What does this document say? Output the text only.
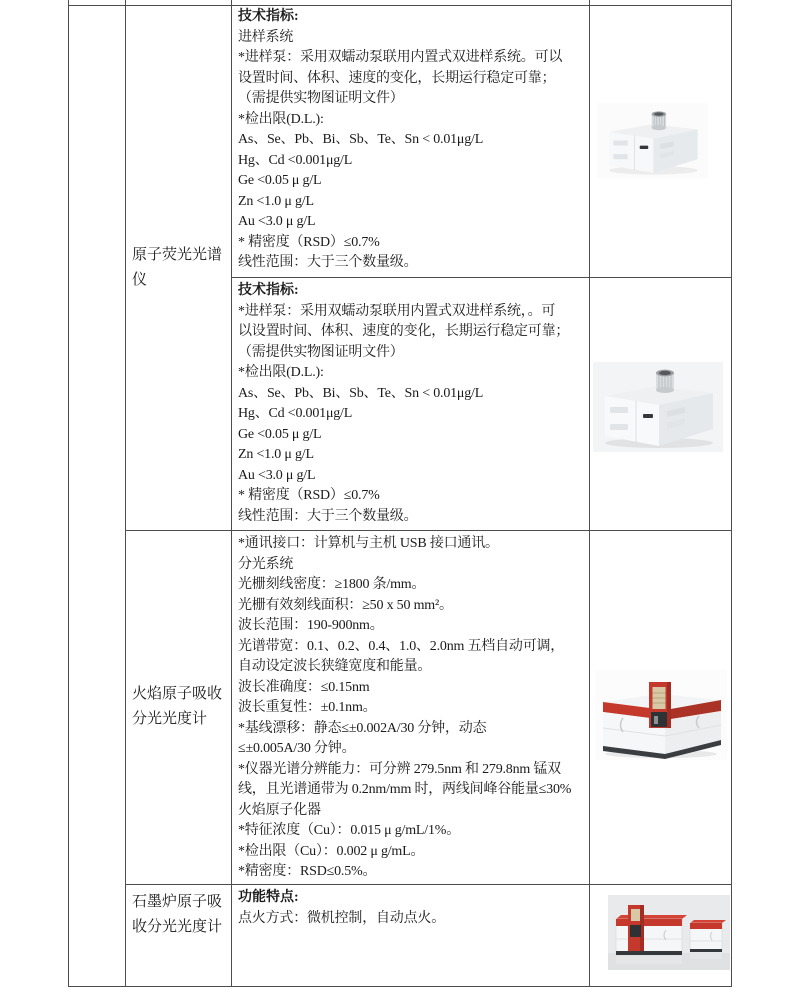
原子荧光光谱仪
火焰原子吸收分光光度计
石墨炉原子吸收分光光度计
技术指标:
进样系统
*进样泵：采用双蠕动泵联用内置式双进样系统。可以
设置时间、体积、速度的变化，长期运行稳定可靠；
（需提供实物图证明文件）
*检出限(D.L.):
As、Se、Pb、Bi、Sb、Te、Sn < 0.01μg/L
Hg、Cd <0.001μg/L
Ge <0.05 μ g/L
Zn <1.0 μ g/L
Au <3.0 μ g/L
* 精密度（RSD）≤0.7%
线性范围：大于三个数量级。
技术指标:
*进样泵：采用双蠕动泵联用内置式双进样系统，。可
以设置时间、体积、速度的变化，长期运行稳定可靠；
（需提供实物图证明文件）
*检出限(D.L.):
As、Se、Pb、Bi、Sb、Te、Sn < 0.01μg/L
Hg、Cd <0.001μg/L
Ge <0.05 μ g/L
Zn <1.0 μ g/L
Au <3.0 μ g/L
* 精密度（RSD）≤0.7%
线性范围：大于三个数量级。
*通讯接口：计算机与主机 USB 接口通讯。
分光系统
光栅刻线密度：≥1800 条/mm。
光栅有效刻线面积：≥50 x 50 mm²。
波长范围：190-900nm。
光谱带宽：0.1、0.2、0.4、1.0、2.0nm 五档自动可调，
自动设定波长狭缝宽度和能量。
波长准确度：≤0.15nm
波长重复性：±0.1nm。
*基线漂移：静态≤±0.002A/30 分钟，动态
≤±0.005A/30 分钟。
*仪器光谱分辨能力：可分辨 279.5nm 和 279.8nm 锰双
线，且光谱通带为 0.2nm/mm 时，两线间峰谷能量≤30%
火焰原子化器
*特征浓度（Cu）：0.015 μ g/mL/1%。
*检出限（Cu）：0.002 μ g/mL。
*精密度：RSD≤0.5%。
功能特点:
点火方式：微机控制，自动点火。
